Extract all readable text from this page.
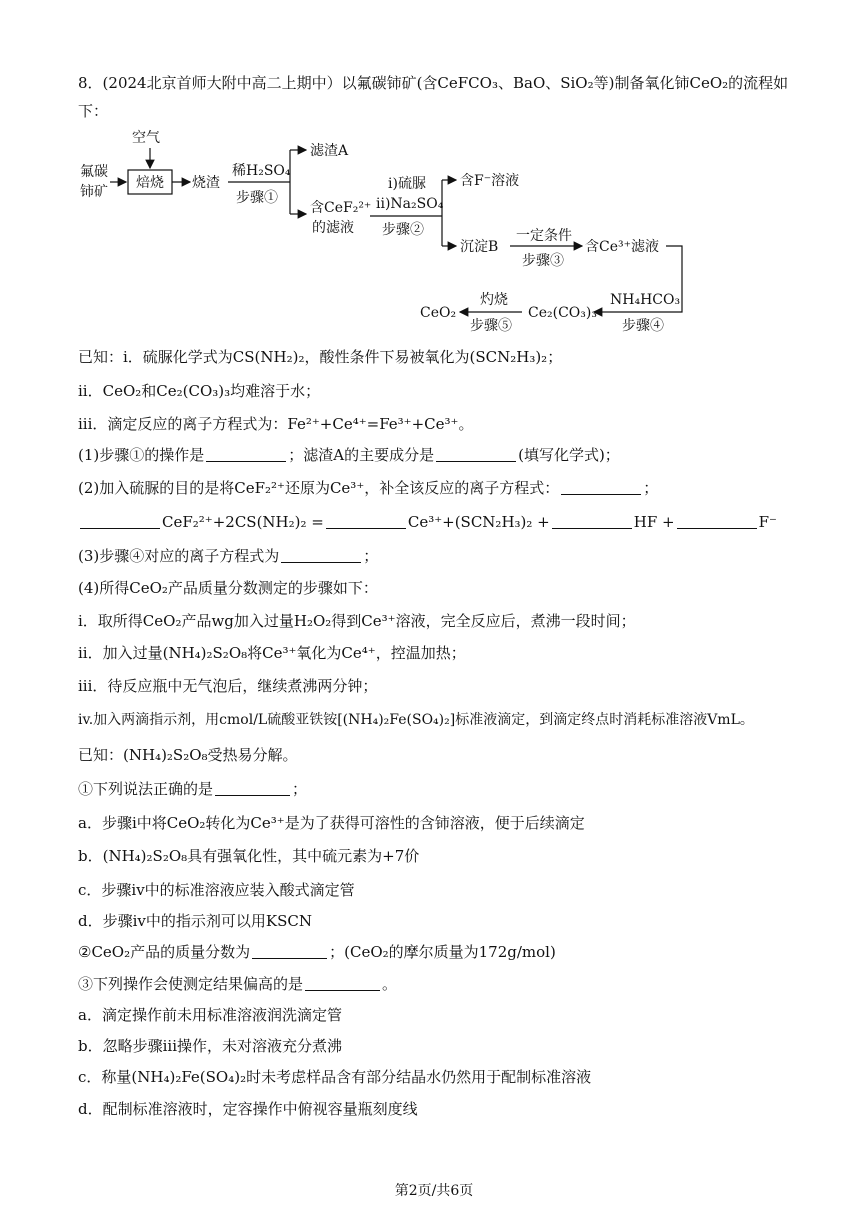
8．(2024北京首师大附中高二上期中）以氟碳铈矿(含CeFCO₃、BaO、SiO₂等)制备氧化铈CeO₂的流程如
下：
空气
氟碳
铈矿
焙烧 烧渣
稀H₂SO₄
步骤①
滤渣A
含CeF₂²⁺
的滤液
i)硫脲
ii)Na₂SO₄
步骤②
含F⁻溶液
沉淀B
一定条件
步骤③
含Ce³⁺滤液
NH₄HCO₃
步骤④
Ce₂(CO₃)₃
灼烧
步骤⑤
CeO₂
已知：i．硫脲化学式为CS(NH₂)₂，酸性条件下易被氧化为(SCN₂H₃)₂；
ii．CeO₂和Ce₂(CO₃)₃均难溶于水；
iii．滴定反应的离子方程式为：Fe²⁺+Ce⁴⁺=Fe³⁺+Ce³⁺。
(1)步骤①的操作是	；滤渣A的主要成分是	(填写化学式)；
(2)加入硫脲的目的是将CeF₂²⁺还原为Ce³⁺，补全该反应的离子方程式：	；
CeF₂²⁺+2CS(NH₂)₂ =	Ce³⁺+(SCN₂H₃)₂ +	HF +	F⁻
(3)步骤④对应的离子方程式为	；
(4)所得CeO₂产品质量分数测定的步骤如下：
i．取所得CeO₂产品wg加入过量H₂O₂得到Ce³⁺溶液，完全反应后，煮沸一段时间；
ii．加入过量(NH₄)₂S₂O₈将Ce³⁺氧化为Ce⁴⁺，控温加热；
iii．待反应瓶中无气泡后，继续煮沸两分钟；
iv.加入两滴指示剂，用cmol/L硫酸亚铁铵[(NH₄)₂Fe(SO₄)₂]标准液滴定，到滴定终点时消耗标准溶液VmL。
已知：(NH₄)₂S₂O₈受热易分解。
①下列说法正确的是	；
a．步骤i中将CeO₂转化为Ce³⁺是为了获得可溶性的含铈溶液，便于后续滴定
b．(NH₄)₂S₂O₈具有强氧化性，其中硫元素为+7价
c．步骤iv中的标准溶液应装入酸式滴定管
d．步骤iv中的指示剂可以用KSCN
②CeO₂产品的质量分数为	；(CeO₂的摩尔质量为172g/mol)
③下列操作会使测定结果偏高的是	。
a．滴定操作前未用标准溶液润洗滴定管
b．忽略步骤iii操作，未对溶液充分煮沸
c．称量(NH₄)₂Fe(SO₄)₂时未考虑样品含有部分结晶水仍然用于配制标准溶液
d．配制标准溶液时，定容操作中俯视容量瓶刻度线
第2页/共6页
